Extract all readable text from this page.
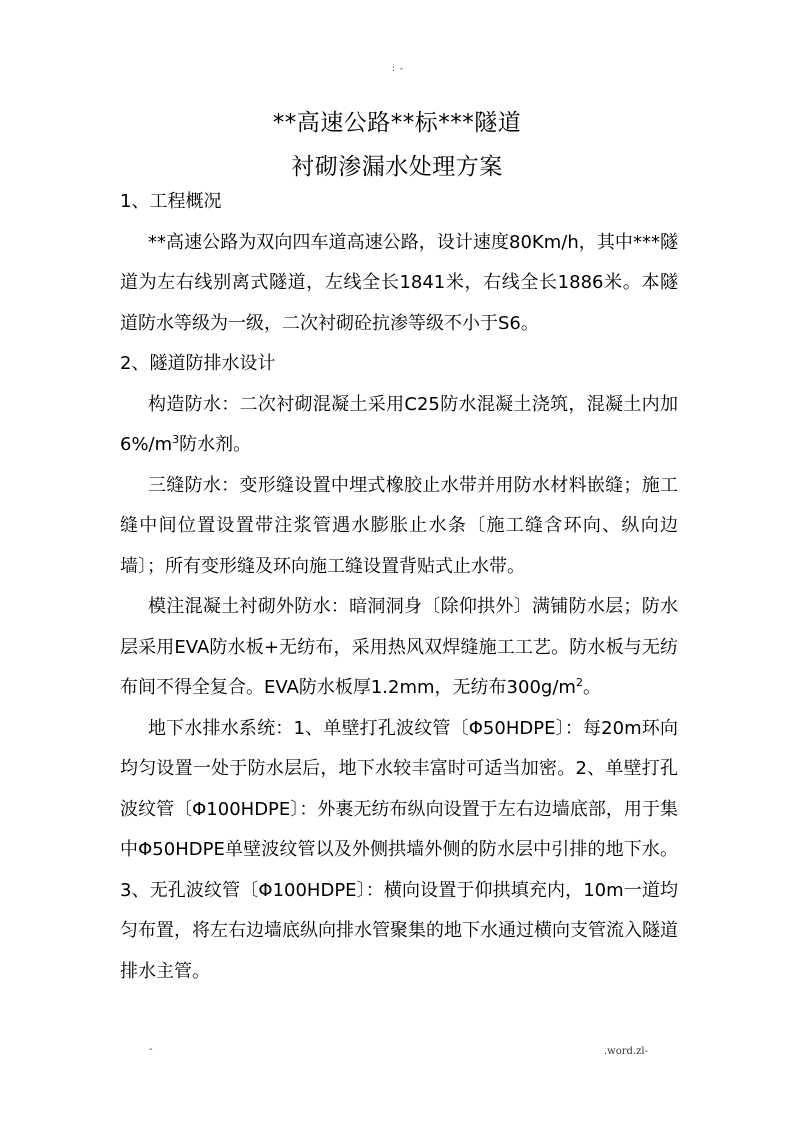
: -
**高速公路**标***隧道
衬砌渗漏水处理方案

1、工程概况

**高速公路为双向四车道高速公路，设计速度80Km/h，其中***隧道为左右线别离式隧道，左线全长1841米，右线全长1886米。本隧道防水等级为一级，二次衬砌砼抗渗等级不小于S6。

2、隧道防排水设计

构造防水：二次衬砌混凝土采用C25防水混凝土浇筑，混凝土内加$6\%/m^3$防水剂。

三缝防水：变形缝设置中埋式橡胶止水带并用防水材料嵌缝；施工缝中间位置设置带注浆管遇水膨胀止水条〔施工缝含环向、纵向边墙〕；所有变形缝及环向施工缝设置背贴式止水带。

模注混凝土衬砌外防水：暗洞洞身〔除仰拱外〕满铺防水层；防水层采用EVA防水板+无纺布，采用热风双焊缝施工工艺。防水板与无纺布间不得全复合。EVA防水板厚1.2mm，无纺布$300g/m^2$。

地下水排水系统：1、单壁打孔波纹管〔Φ50HDPE〕：每20m环向均匀设置一处于防水层后，地下水较丰富时可适当加密。2、单壁打孔波纹管〔Φ100HDPE〕：外裹无纺布纵向设置于左右边墙底部，用于集中Φ50HDPE单壁波纹管以及外侧拱墙外侧的防水层中引排的地下水。3、无孔波纹管〔Φ100HDPE〕：横向设置于仰拱填充内，10m一道均匀布置，将左右边墙底纵向排水管聚集的地下水通过横向支管流入隧道排水主管。

-	.word.zl-
